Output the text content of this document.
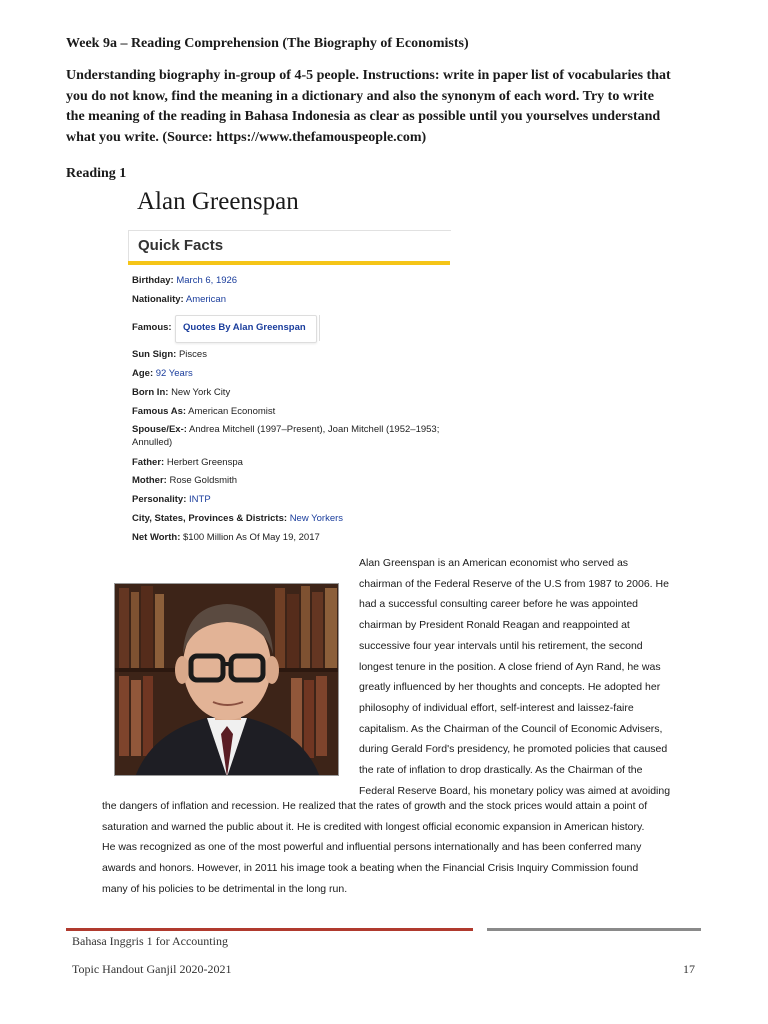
Week 9a – Reading Comprehension (The Biography of Economists)
Understanding biography in-group of 4-5 people. Instructions: write in paper list of vocabularies that
you do not know, find the meaning in a dictionary and also the synonym of each word. Try to write
the meaning of the reading in Bahasa Indonesia as clear as possible until you yourselves understand
what you write. (Source: https://www.thefamouspeople.com)
Reading 1
Alan Greenspan
Quick Facts
Birthday: March 6, 1926
Nationality: American
Famous: Quotes By Alan Greenspan
Sun Sign: Pisces
Age: 92 Years
Born In: New York City
Famous As: American Economist
Spouse/Ex-: Andrea Mitchell (1997–Present), Joan Mitchell (1952–1953;
Annulled)
Father: Herbert Greenspa
Mother: Rose Goldsmith
Personality: INTP
City, States, Provinces & Districts: New Yorkers
Net Worth: $100 Million As Of May 19, 2017
Alan Greenspan is an American economist who served as
chairman of the Federal Reserve of the U.S from 1987 to 2006. He
had a successful consulting career before he was appointed
chairman by President Ronald Reagan and reappointed at
successive four year intervals until his retirement, the second
longest tenure in the position. A close friend of Ayn Rand, he was
greatly influenced by her thoughts and concepts. He adopted her
philosophy of individual effort, self-interest and laissez-faire
capitalism. As the Chairman of the Council of Economic Advisers,
during Gerald Ford's presidency, he promoted policies that caused
the rate of inflation to drop drastically. As the Chairman of the
Federal Reserve Board, his monetary policy was aimed at avoiding
the dangers of inflation and recession. He realized that the rates of growth and the stock prices would attain a point of
saturation and warned the public about it. He is credited with longest official economic expansion in American history.
He was recognized as one of the most powerful and influential persons internationally and has been conferred many
awards and honors. However, in 2011 his image took a beating when the Financial Crisis Inquiry Commission found
many of his policies to be detrimental in the long run.
Bahasa Inggris 1 for Accounting
Topic Handout Ganjil 2020-2021	17
